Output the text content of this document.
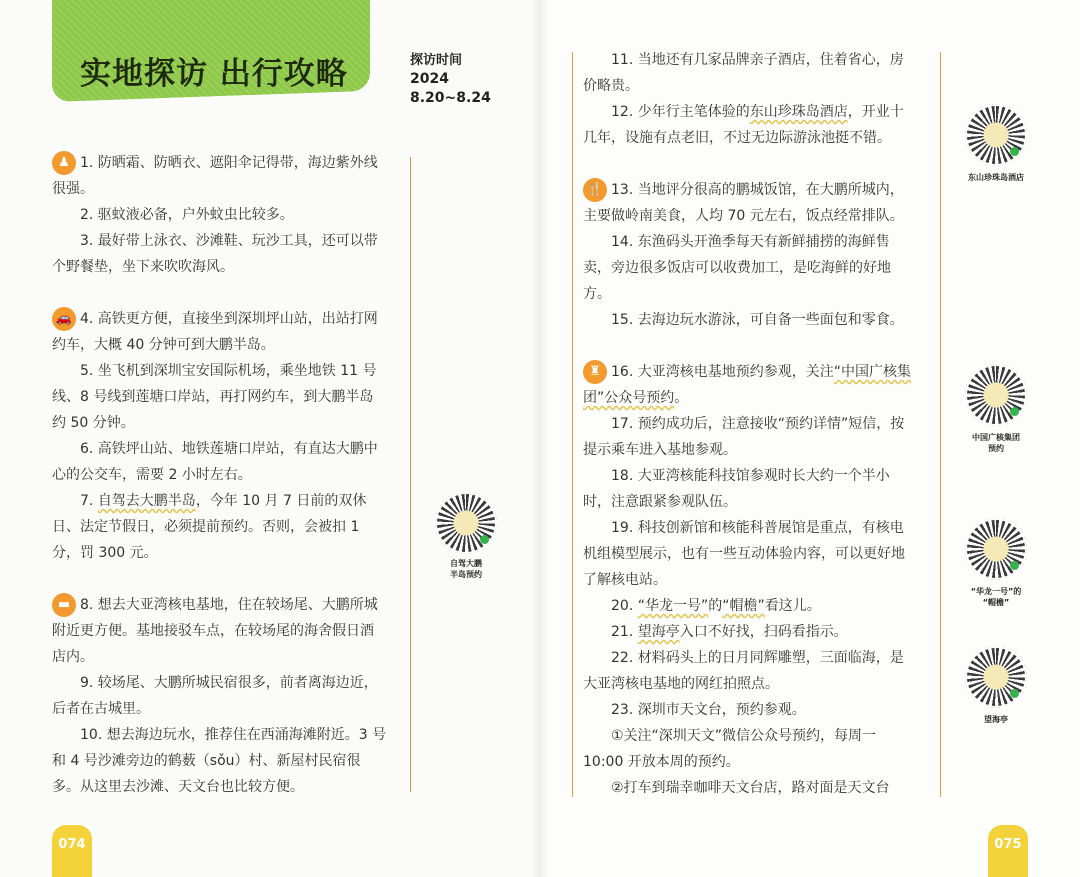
实地探访 出行攻略	探访时间
2024
8.20~8.24
♟ 1. 防晒霜、防晒衣、遮阳伞记得带，海边紫外线很强。
2. 驱蚊液必备，户外蚊虫比较多。
3. 最好带上泳衣、沙滩鞋、玩沙工具，还可以带个野餐垫，坐下来吹吹海风。
🚗 4. 高铁更方便，直接坐到深圳坪山站，出站打网约车，大概 40 分钟可到大鹏半岛。
5. 坐飞机到深圳宝安国际机场，乘坐地铁 11 号线、8 号线到莲塘口岸站，再打网约车，到大鹏半岛约 50 分钟。
6. 高铁坪山站、地铁莲塘口岸站，有直达大鹏中心的公交车，需要 2 小时左右。
7. 自驾去大鹏半岛，今年 10 月 7 日前的双休日、法定节假日，必须提前预约。否则，会被扣 1 分，罚 300 元。
▬ 8. 想去大亚湾核电基地，住在较场尾、大鹏所城附近更方便。基地接驳车点，在较场尾的海舍假日酒店内。
9. 较场尾、大鹏所城民宿很多，前者离海边近，后者在古城里。
10. 想去海边玩水，推荐住在西涌海滩附近。3 号和 4 号沙滩旁边的鹤薮（sǒu）村、新屋村民宿很多。从这里去沙滩、天文台也比较方便。
11. 当地还有几家品牌亲子酒店，住着省心，房价略贵。
12. 少年行主笔体验的东山珍珠岛酒店，开业十几年，设施有点老旧，不过无边际游泳池挺不错。
🍴 13. 当地评分很高的鹏城饭馆，在大鹏所城内，主要做岭南美食，人均 70 元左右，饭点经常排队。
14. 东渔码头开渔季每天有新鲜捕捞的海鲜售卖，旁边很多饭店可以收费加工，是吃海鲜的好地方。
15. 去海边玩水游泳，可自备一些面包和零食。
♜ 16. 大亚湾核电基地预约参观，关注“中国广核集团”公众号预约。
17. 预约成功后，注意接收“预约详情”短信，按提示乘车进入基地参观。
18. 大亚湾核能科技馆参观时长大约一个半小时，注意跟紧参观队伍。
19. 科技创新馆和核能科普展馆是重点，有核电机组模型展示，也有一些互动体验内容，可以更好地了解核电站。
20. “华龙一号”的“帽檐”看这儿。
21. 望海亭入口不好找，扫码看指示。
22. 材料码头上的日月同辉雕塑，三面临海，是大亚湾核电基地的网红拍照点。
23. 深圳市天文台，预约参观。
①关注“深圳天文”微信公众号预约，每周一 10:00 开放本周的预约。
②打车到瑞幸咖啡天文台店，路对面是天文台
自驾大鹏
半岛预约
东山珍珠岛酒店
中国广核集团
预约
“华龙一号”的
“帽檐”
望海亭
074	075
